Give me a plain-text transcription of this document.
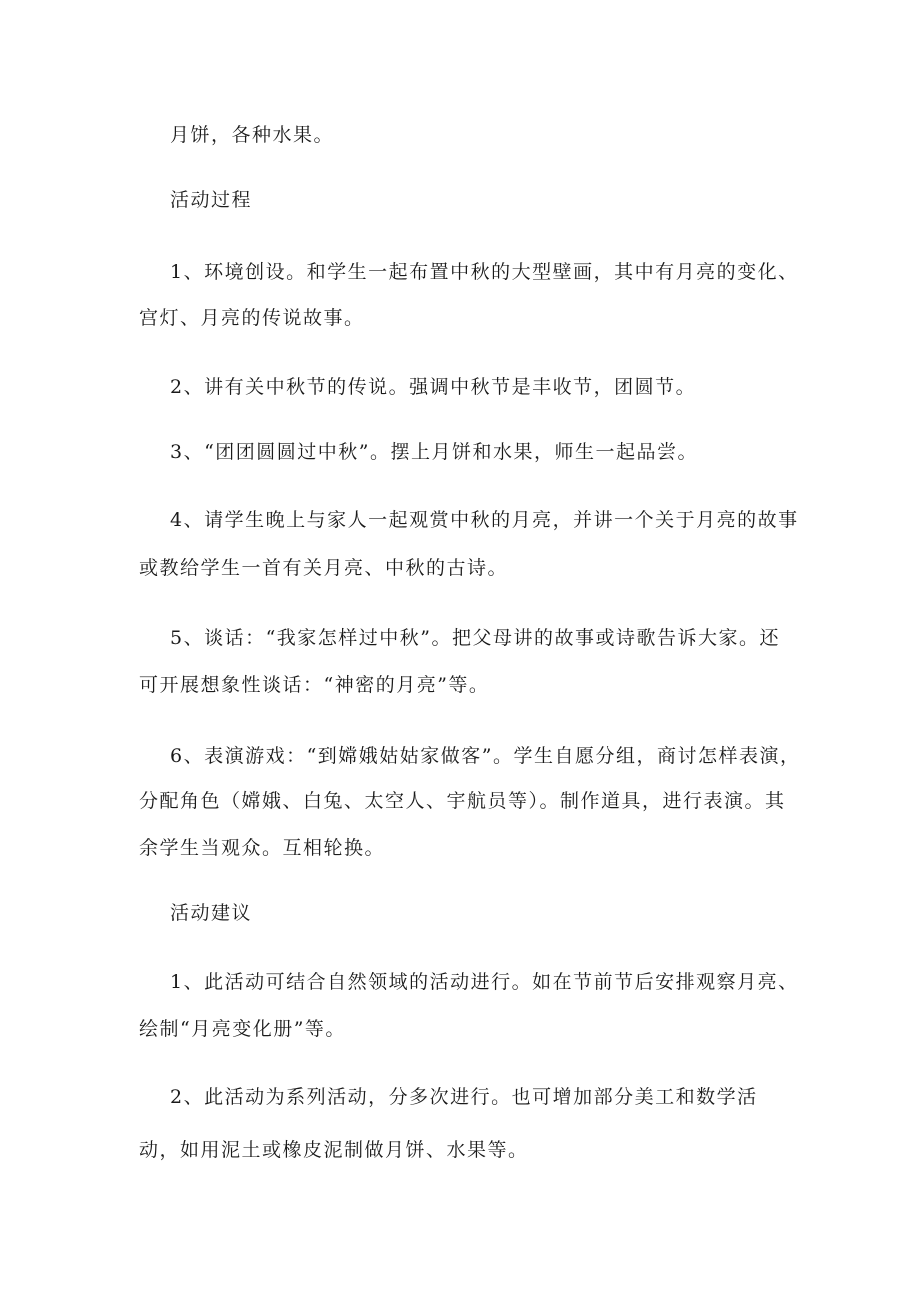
月饼，各种水果。
活动过程
1、环境创设。和学生一起布置中秋的大型壁画，其中有月亮的变化、
宫灯、月亮的传说故事。
2、讲有关中秋节的传说。强调中秋节是丰收节，团圆节。
3、“团团圆圆过中秋”。摆上月饼和水果，师生一起品尝。
4、请学生晚上与家人一起观赏中秋的月亮，并讲一个关于月亮的故事
或教给学生一首有关月亮、中秋的古诗。
5、谈话：“我家怎样过中秋”。把父母讲的故事或诗歌告诉大家。还
可开展想象性谈话：“神密的月亮”等。
6、表演游戏：“到嫦娥姑姑家做客”。学生自愿分组，商讨怎样表演，
分配角色（嫦娥、白兔、太空人、宇航员等）。制作道具，进行表演。其
余学生当观众。互相轮换。
活动建议
1、此活动可结合自然领域的活动进行。如在节前节后安排观察月亮、
绘制“月亮变化册”等。
2、此活动为系列活动，分多次进行。也可增加部分美工和数学活
动，如用泥土或橡皮泥制做月饼、水果等。
